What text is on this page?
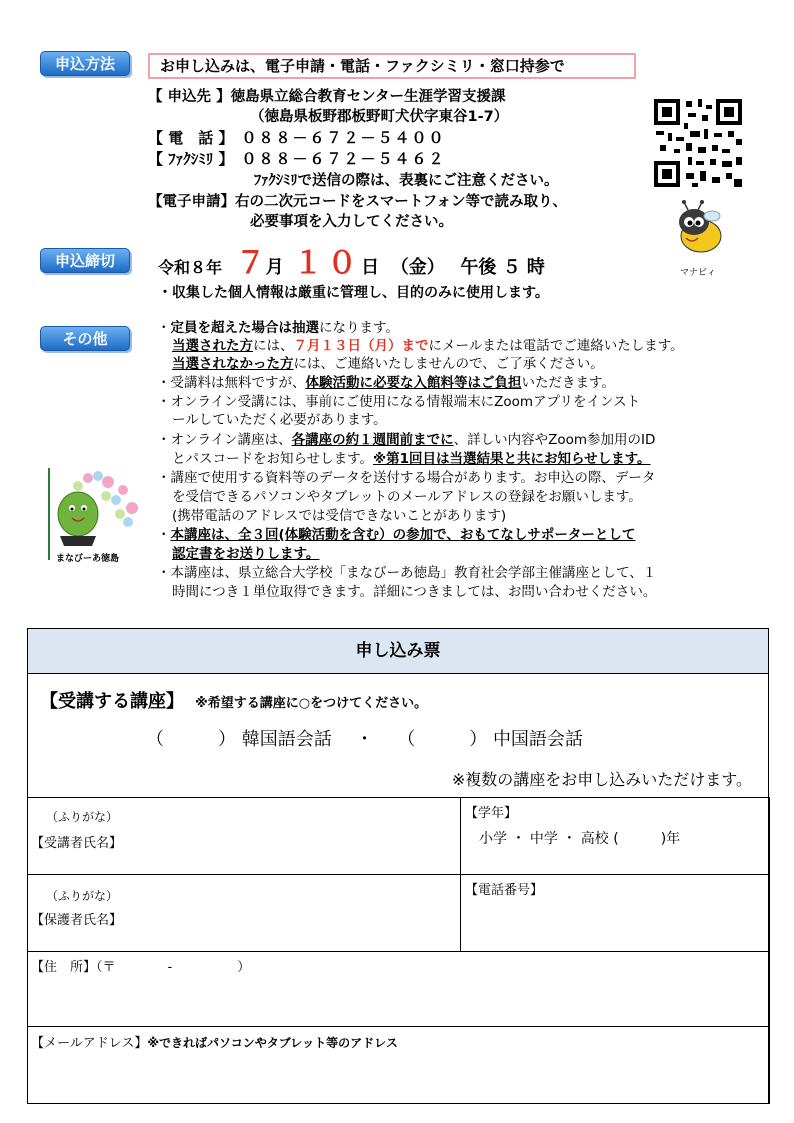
申込方法	お申し込みは、電子申請・電話・ファクシミリ・窓口持参で
【 申込先 】徳島県立総合教育センター生涯学習支援課
（徳島県板野郡板野町犬伏字東谷1-7）
【 電　話 】 ０８８－６７２－５４００
【 ﾌｧｸｼﾐﾘ 】 ０８８－６７２－５４６２
ﾌｧｸｼﾐﾘで送信の際は、表裏にご注意ください。
【電子申請】右の二次元コードをスマートフォン等で読み取り、
必要事項を入力してください。
マナビィ
申込締切	令和８年 ７月 １０日 （金） 午後 ５ 時
・収集した個人情報は厳重に管理し、目的のみに使用します。
その他
・定員を超えた場合は抽選になります。
当選された方には、７月１３日（月）までにメールまたは電話でご連絡いたします。
当選されなかった方には、ご連絡いたしませんので、ご了承ください。
・受講料は無料ですが、体験活動に必要な入館料等はご負担いただきます。
・オンライン受講には、事前にご使用になる情報端末にZoomアプリをインスト
ールしていただく必要があります。
・オンライン講座は、各講座の約１週間前までに、詳しい内容やZoom参加用のID
とパスコードをお知らせします。※第1回目は当選結果と共にお知らせします。
・講座で使用する資料等のデータを送付する場合があります。お申込の際、データ
を受信できるパソコンやタブレットのメールアドレスの登録をお願いします。
(携帯電話のアドレスでは受信できないことがあります)
・本講座は、全３回(体験活動を含む）の参加で、おもてなしサポーターとして
認定書をお送りします。
・本講座は、県立総合大学校「まなびーあ徳島」教育社会学部主催講座として、１
時間につき１単位取得できます。詳細につきましては、お問い合わせください。
まなびーあ徳島
申し込み票
【受講する講座】 ※希望する講座に○をつけてください。
（　　　） 韓国語会話 ・ （　　　） 中国語会話
※複数の講座をお申し込みいただけます。
（ふりがな）
【受講者氏名】
【学年】
小学 ・ 中学 ・ 高校 (　　　)年
（ふりがな）
【保護者氏名】
【電話番号】
【住　所】（〒　　　　-　　　　　）
【メールアドレス】※できればパソコンやタブレット等のアドレス
